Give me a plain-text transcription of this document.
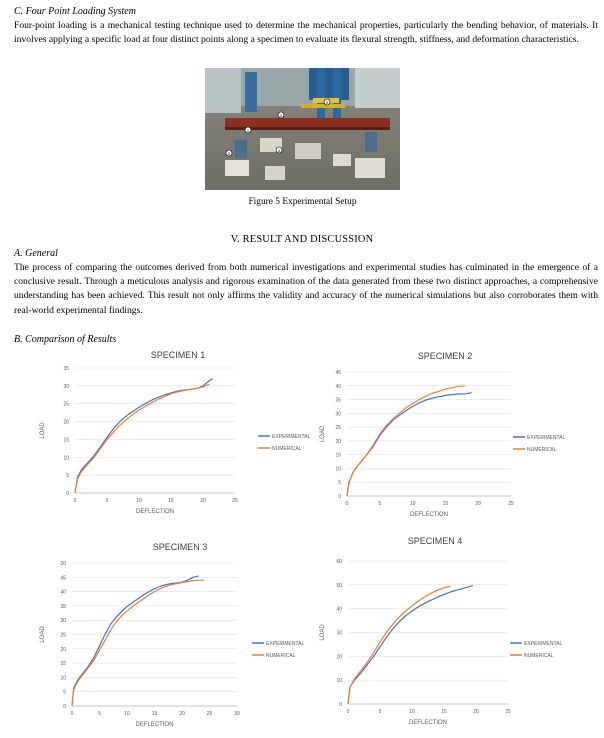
C. Four Point Loading System
Four-point loading is a mechanical testing technique used to determine the mechanical properties, particularly the bending behavior, of materials. It involves applying a specific load at four distinct points along a specimen to evaluate its flexural strength, stiffness, and deformation characteristics.
1
2
3
4
5
Figure 5 Experimental Setup
V. RESULT AND DISCUSSION
A. General
The process of comparing the outcomes derived from both numerical investigations and experimental studies has culminated in the emergence of a conclusive result. Through a meticulous analysis and rigorous examination of the data generated from these two distinct approaches, a comprehensive understanding has been achieved. This result not only affirms the validity and accuracy of the numerical simulations but also corroborates them with real-world experimental findings.
B. Comparison of Results
SPECIMEN 1
0
5
10
15
20
25
30
35
0	5	10	15	20	25
DEFLECTION
LOAD	EXPERIMENTAL
NUMERICAL
SPECIMEN 2
0
5
10
15
20
25
30
35
40
45
0	5	10	15	20	25
DEFLECTION
LOAD	EXPERIMENTAL
NUMERICAL
SPECIMEN 3
0
5
10
15
20
25
30
35
40
45
50
0	5	10	15	20	25	30
DEFLECTION
LOAD
EXPERIMENTAL
NUMERICAL
SPECIMEN 4
0
10
20
30
40
50
60
0	5	10	15	20	25
DEFLECTION
LOAD
EXPERIMENTAL
NUMERICAL
